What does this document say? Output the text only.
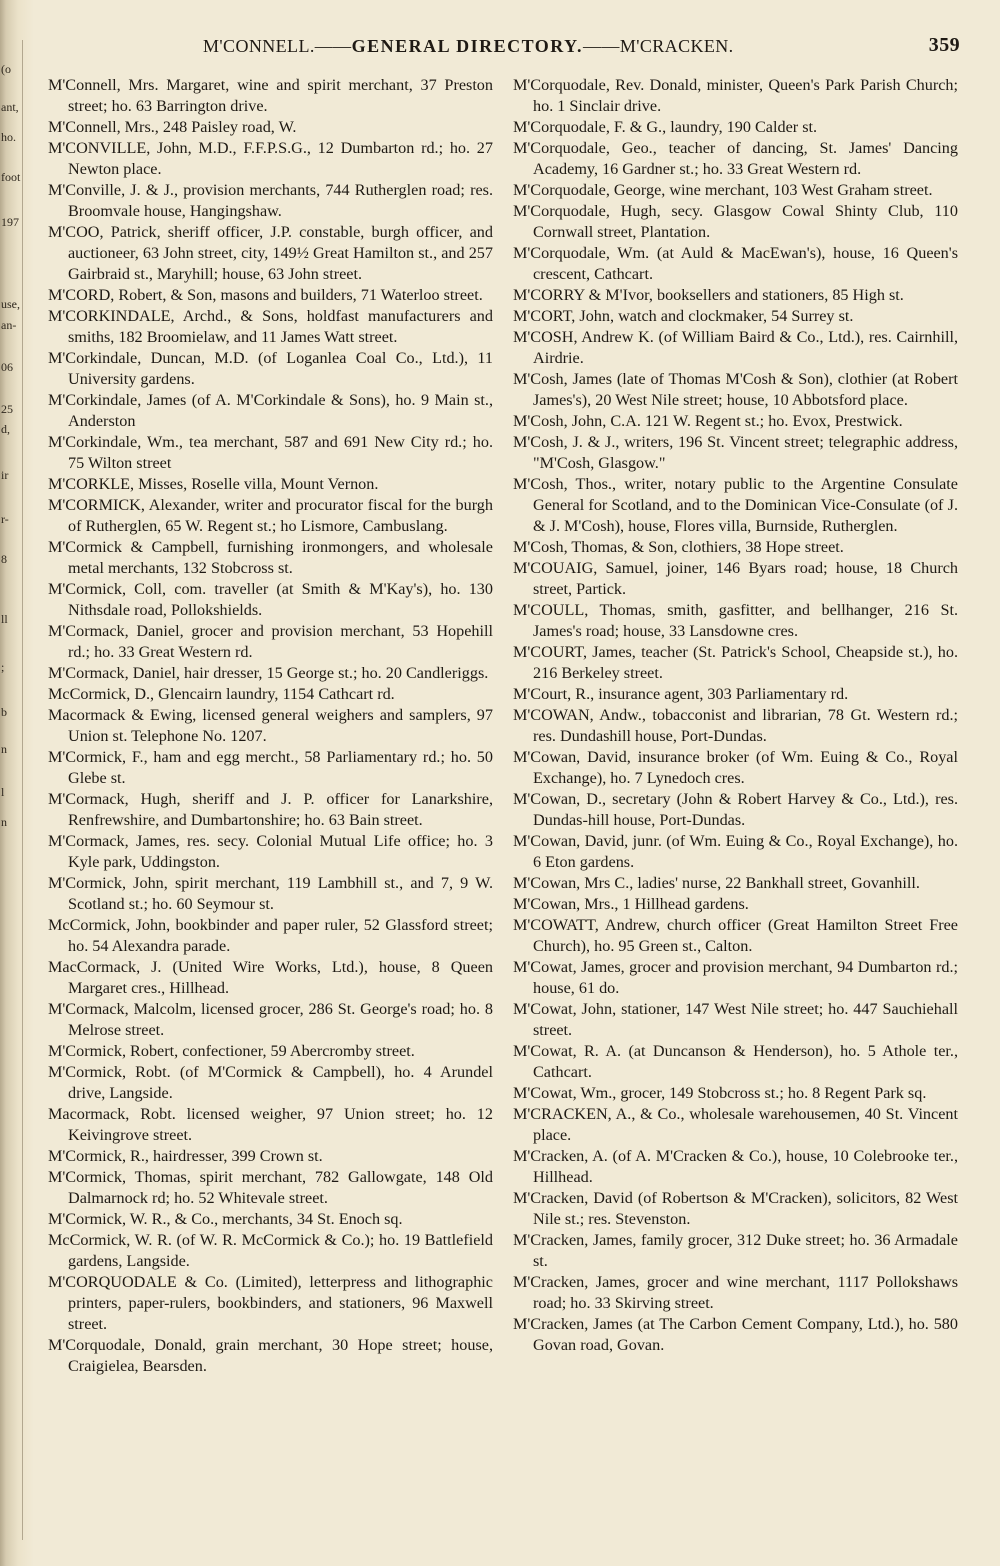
(o
ant,
ho.
foot
197
use,
an-
06
25
d,
ir
r-
8
ll
;
b
n
l
n
M'CONNELL.——GENERAL DIRECTORY.——M'CRACKEN.	359
M'Connell, Mrs. Margaret, wine and spirit merchant, 37 Preston street; ho. 63 Barrington drive.
M'Connell, Mrs., 248 Paisley road, W.
M'CONVILLE, John, M.D., F.F.P.S.G., 12 Dumbarton rd.; ho. 27 Newton place.
M'Conville, J. & J., provision merchants, 744 Rutherglen road; res. Broomvale house, Hangingshaw.
M'COO, Patrick, sheriff officer, J.P. constable, burgh officer, and auctioneer, 63 John street, city, 149½ Great Hamilton st., and 257 Gairbraid st., Maryhill; house, 63 John street.
M'CORD, Robert, & Son, masons and builders, 71 Waterloo street.
M'CORKINDALE, Archd., & Sons, holdfast manufacturers and smiths, 182 Broomielaw, and 11 James Watt street.
M'Corkindale, Duncan, M.D. (of Loganlea Coal Co., Ltd.), 11 University gardens.
M'Corkindale, James (of A. M'Corkindale & Sons), ho. 9 Main st., Anderston
M'Corkindale, Wm., tea merchant, 587 and 691 New City rd.; ho. 75 Wilton street
M'CORKLE, Misses, Roselle villa, Mount Vernon.
M'CORMICK, Alexander, writer and procurator fiscal for the burgh of Rutherglen, 65 W. Regent st.; ho Lismore, Cambuslang.
M'Cormick & Campbell, furnishing ironmongers, and wholesale metal merchants, 132 Stobcross st.
M'Cormick, Coll, com. traveller (at Smith & M'Kay's), ho. 130 Nithsdale road, Pollokshields.
M'Cormack, Daniel, grocer and provision merchant, 53 Hopehill rd.; ho. 33 Great Western rd.
M'Cormack, Daniel, hair dresser, 15 George st.; ho. 20 Candleriggs.
McCormick, D., Glencairn laundry, 1154 Cathcart rd.
Macormack & Ewing, licensed general weighers and samplers, 97 Union st. Telephone No. 1207.
M'Cormick, F., ham and egg mercht., 58 Parliamentary rd.; ho. 50 Glebe st.
M'Cormack, Hugh, sheriff and J. P. officer for Lanarkshire, Renfrewshire, and Dumbartonshire; ho. 63 Bain street.
M'Cormack, James, res. secy. Colonial Mutual Life office; ho. 3 Kyle park, Uddingston.
M'Cormick, John, spirit merchant, 119 Lambhill st., and 7, 9 W. Scotland st.; ho. 60 Seymour st.
McCormick, John, bookbinder and paper ruler, 52 Glassford street; ho. 54 Alexandra parade.
MacCormack, J. (United Wire Works, Ltd.), house, 8 Queen Margaret cres., Hillhead.
M'Cormack, Malcolm, licensed grocer, 286 St. George's road; ho. 8 Melrose street.
M'Cormick, Robert, confectioner, 59 Abercromby street.
M'Cormick, Robt. (of M'Cormick & Campbell), ho. 4 Arundel drive, Langside.
Macormack, Robt. licensed weigher, 97 Union street; ho. 12 Keivingrove street.
M'Cormick, R., hairdresser, 399 Crown st.
M'Cormick, Thomas, spirit merchant, 782 Gallowgate, 148 Old Dalmarnock rd; ho. 52 Whitevale street.
M'Cormick, W. R., & Co., merchants, 34 St. Enoch sq.
McCormick, W. R. (of W. R. McCormick & Co.); ho. 19 Battlefield gardens, Langside.
M'CORQUODALE & Co. (Limited), letterpress and lithographic printers, paper-rulers, bookbinders, and stationers, 96 Maxwell street.
M'Corquodale, Donald, grain merchant, 30 Hope street; house, Craigielea, Bearsden.
M'Corquodale, Rev. Donald, minister, Queen's Park Parish Church; ho. 1 Sinclair drive.
M'Corquodale, F. & G., laundry, 190 Calder st.
M'Corquodale, Geo., teacher of dancing, St. James' Dancing Academy, 16 Gardner st.; ho. 33 Great Western rd.
M'Corquodale, George, wine merchant, 103 West Graham street.
M'Corquodale, Hugh, secy. Glasgow Cowal Shinty Club, 110 Cornwall street, Plantation.
M'Corquodale, Wm. (at Auld & MacEwan's), house, 16 Queen's crescent, Cathcart.
M'CORRY & M'Ivor, booksellers and stationers, 85 High st.
M'CORT, John, watch and clockmaker, 54 Surrey st.
M'COSH, Andrew K. (of William Baird & Co., Ltd.), res. Cairnhill, Airdrie.
M'Cosh, James (late of Thomas M'Cosh & Son), clothier (at Robert James's), 20 West Nile street; house, 10 Abbotsford place.
M'Cosh, John, C.A. 121 W. Regent st.; ho. Evox, Prestwick.
M'Cosh, J. & J., writers, 196 St. Vincent street; telegraphic address, "M'Cosh, Glasgow."
M'Cosh, Thos., writer, notary public to the Argentine Consulate General for Scotland, and to the Dominican Vice-Consulate (of J. & J. M'Cosh), house, Flores villa, Burnside, Rutherglen.
M'Cosh, Thomas, & Son, clothiers, 38 Hope street.
M'COUAIG, Samuel, joiner, 146 Byars road; house, 18 Church street, Partick.
M'COULL, Thomas, smith, gasfitter, and bellhanger, 216 St. James's road; house, 33 Lansdowne cres.
M'COURT, James, teacher (St. Patrick's School, Cheapside st.), ho. 216 Berkeley street.
M'Court, R., insurance agent, 303 Parliamentary rd.
M'COWAN, Andw., tobacconist and librarian, 78 Gt. Western rd.; res. Dundashill house, Port-Dundas.
M'Cowan, David, insurance broker (of Wm. Euing & Co., Royal Exchange), ho. 7 Lynedoch cres.
M'Cowan, D., secretary (John & Robert Harvey & Co., Ltd.), res. Dundas-hill house, Port-Dundas.
M'Cowan, David, junr. (of Wm. Euing & Co., Royal Exchange), ho. 6 Eton gardens.
M'Cowan, Mrs C., ladies' nurse, 22 Bankhall street, Govanhill.
M'Cowan, Mrs., 1 Hillhead gardens.
M'COWATT, Andrew, church officer (Great Hamilton Street Free Church), ho. 95 Green st., Calton.
M'Cowat, James, grocer and provision merchant, 94 Dumbarton rd.; house, 61 do.
M'Cowat, John, stationer, 147 West Nile street; ho. 447 Sauchiehall street.
M'Cowat, R. A. (at Duncanson & Henderson), ho. 5 Athole ter., Cathcart.
M'Cowat, Wm., grocer, 149 Stobcross st.; ho. 8 Regent Park sq.
M'CRACKEN, A., & Co., wholesale warehousemen, 40 St. Vincent place.
M'Cracken, A. (of A. M'Cracken & Co.), house, 10 Colebrooke ter., Hillhead.
M'Cracken, David (of Robertson & M'Cracken), solicitors, 82 West Nile st.; res. Stevenston.
M'Cracken, James, family grocer, 312 Duke street; ho. 36 Armadale st.
M'Cracken, James, grocer and wine merchant, 1117 Pollokshaws road; ho. 33 Skirving street.
M'Cracken, James (at The Carbon Cement Company, Ltd.), ho. 580 Govan road, Govan.
